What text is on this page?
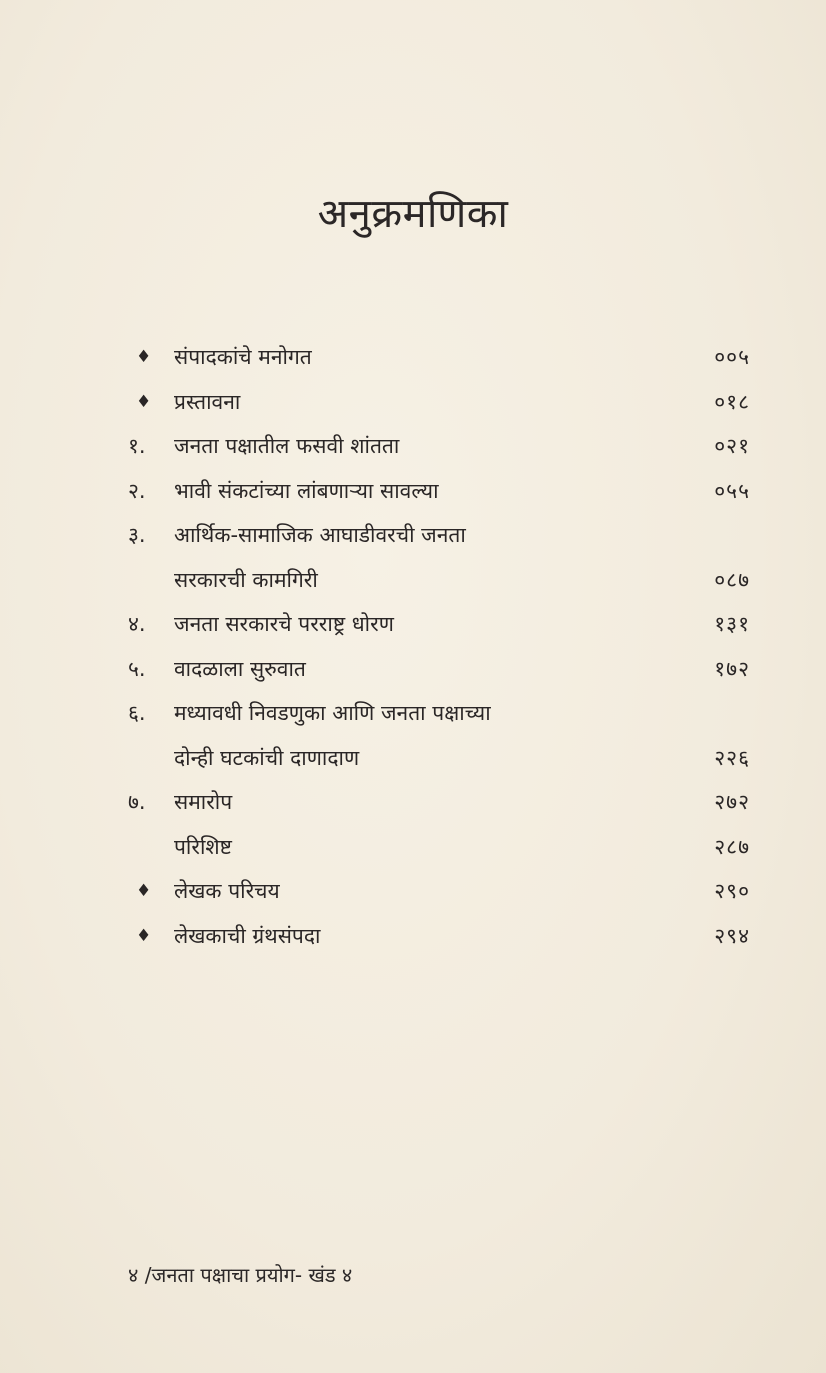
अनुक्रमणिका
♦	संपादकांचे मनोगत	००५
♦	प्रस्तावना	०१८
१.	जनता पक्षातील फसवी शांतता	०२१
२.	भावी संकटांच्या लांबणाऱ्या सावल्या	०५५
३.	आर्थिक-सामाजिक आघाडीवरची जनता
सरकारची कामगिरी	०८७
४.	जनता सरकारचे परराष्ट्र धोरण	१३१
५.	वादळाला सुरुवात	१७२
६.	मध्यावधी निवडणुका आणि जनता पक्षाच्या
दोन्ही घटकांची दाणादाण	२२६
७.	समारोप	२७२
परिशिष्ट	२८७
♦	लेखक परिचय	२९०
♦	लेखकाची ग्रंथसंपदा	२९४
४ /जनता पक्षाचा प्रयोग- खंड ४
